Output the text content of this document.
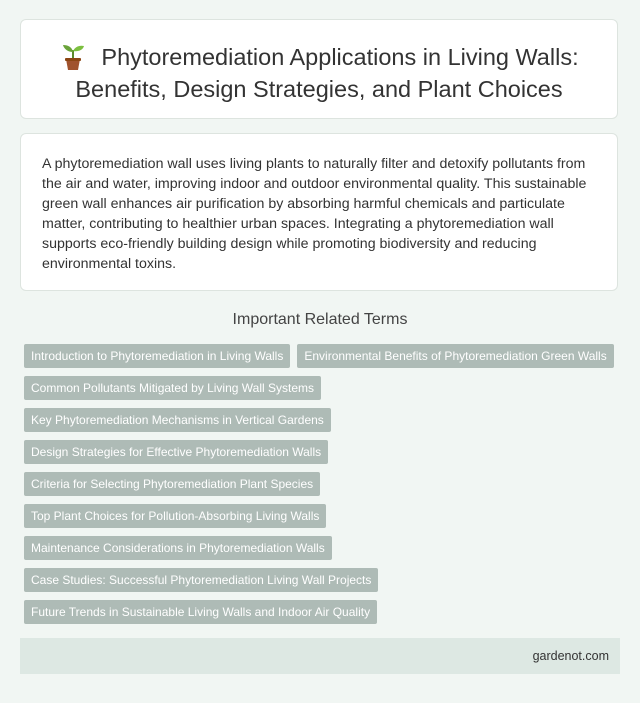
Phytoremediation Applications in Living Walls: Benefits, Design Strategies, and Plant Choices

A phytoremediation wall uses living plants to naturally filter and detoxify pollutants from the air and water, improving indoor and outdoor environmental quality. This sustainable green wall enhances air purification by absorbing harmful chemicals and particulate matter, contributing to healthier urban spaces. Integrating a phytoremediation wall supports eco-friendly building design while promoting biodiversity and reducing environmental toxins.

Important Related Terms
Introduction to Phytoremediation in Living Walls	Environmental Benefits of Phytoremediation Green Walls
Common Pollutants Mitigated by Living Wall Systems
Key Phytoremediation Mechanisms in Vertical Gardens
Design Strategies for Effective Phytoremediation Walls
Criteria for Selecting Phytoremediation Plant Species
Top Plant Choices for Pollution-Absorbing Living Walls
Maintenance Considerations in Phytoremediation Walls
Case Studies: Successful Phytoremediation Living Wall Projects
Future Trends in Sustainable Living Walls and Indoor Air Quality
gardenot.com
